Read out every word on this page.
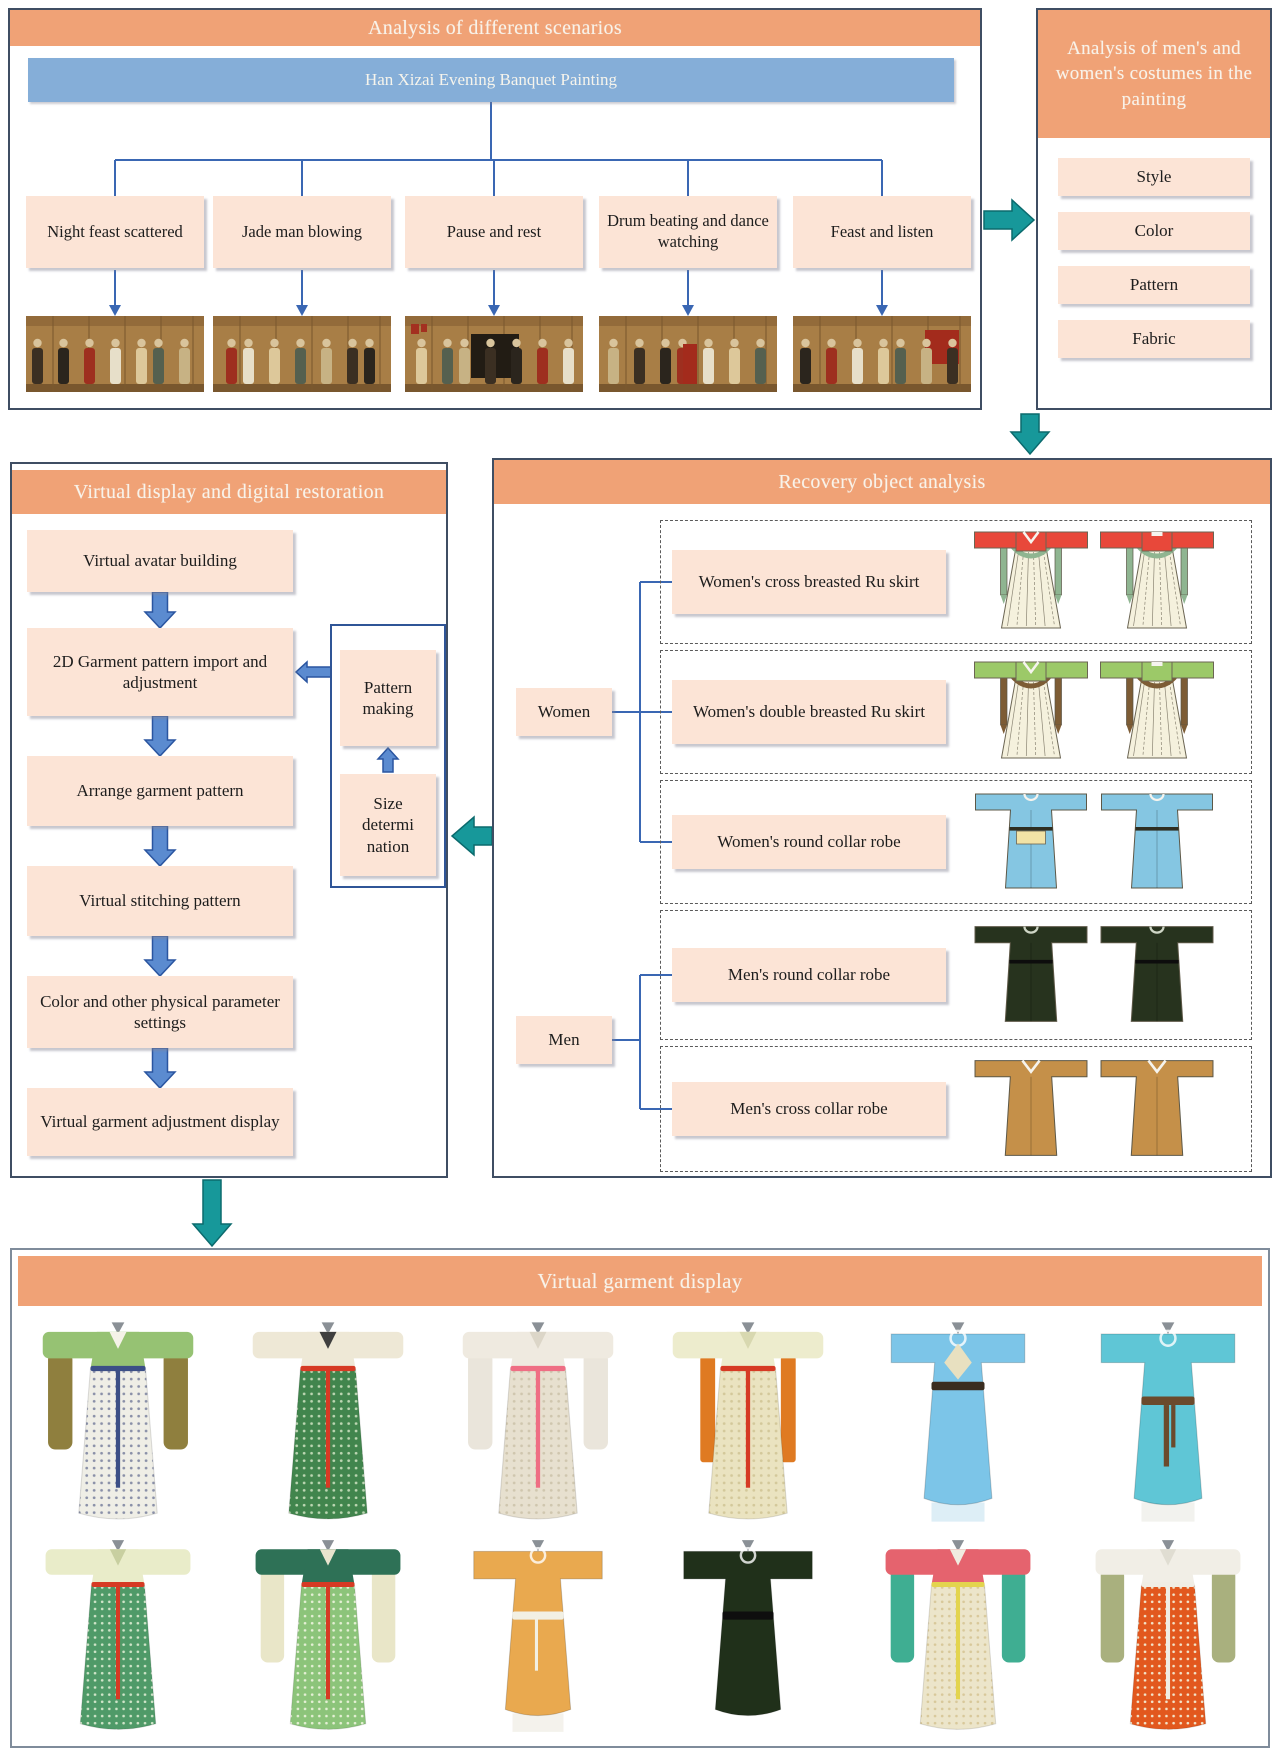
Analysis of different scenarios
Han Xizai Evening Banquet Painting
Analysis of men's and women's costumes in the painting
Virtual display and digital restoration	Recovery object analysis
Virtual garment display
Night feast scattered	Jade man blowing	Pause and rest
Drum beating and dance watching
Feast and listen
Style
Color
Pattern
Fabric
Virtual avatar building
2D Garment pattern import and adjustment
Arrange garment pattern
Virtual stitching pattern
Color and other physical parameter settings
Virtual garment adjustment display
Pattern making
Size determi nation
Women's cross breasted Ru skirt
Women's double breasted Ru skirt
Women's round collar robe
Men's round collar robe
Men's cross collar robe
Women
Men
